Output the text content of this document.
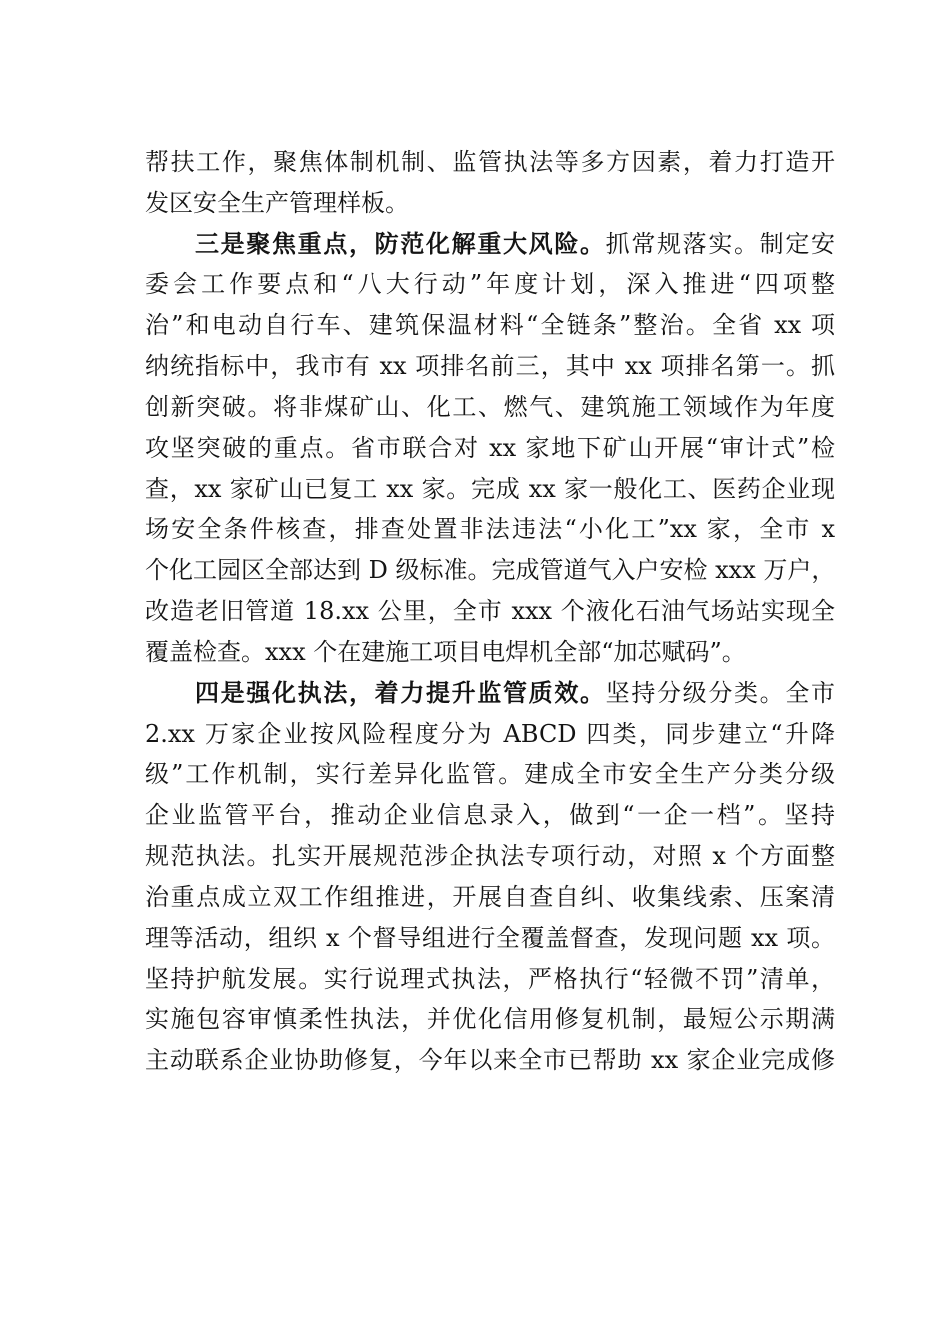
帮扶工作，聚焦体制机制、监管执法等多方因素，着力打造开
发区安全生产管理样板。
三是聚焦重点，防范化解重大风险。抓常规落实。制定安
委会工作要点和“八大行动”年度计划，深入推进“四项整
治”和电动自行车、建筑保温材料“全链条”整治。全省 xx 项
纳统指标中，我市有 xx 项排名前三，其中 xx 项排名第一。抓
创新突破。将非煤矿山、化工、燃气、建筑施工领域作为年度
攻坚突破的重点。省市联合对 xx 家地下矿山开展“审计式”检
查，xx 家矿山已复工 xx 家。完成 xx 家一般化工、医药企业现
场安全条件核查，排查处置非法违法“小化工”xx 家，全市 x
个化工园区全部达到 D 级标准。完成管道气入户安检 xxx 万户，
改造老旧管道 18.xx 公里，全市 xxx 个液化石油气场站实现全
覆盖检查。xxx 个在建施工项目电焊机全部“加芯赋码”。
四是强化执法，着力提升监管质效。坚持分级分类。全市
2.xx 万家企业按风险程度分为 ABCD 四类，同步建立“升降
级”工作机制，实行差异化监管。建成全市安全生产分类分级
企业监管平台，推动企业信息录入，做到“一企一档”。坚持
规范执法。扎实开展规范涉企执法专项行动，对照 x 个方面整
治重点成立双工作组推进，开展自查自纠、收集线索、压案清
理等活动，组织 x 个督导组进行全覆盖督查，发现问题 xx 项。
坚持护航发展。实行说理式执法，严格执行“轻微不罚”清单，
实施包容审慎柔性执法，并优化信用修复机制，最短公示期满
主动联系企业协助修复，今年以来全市已帮助 xx 家企业完成修
